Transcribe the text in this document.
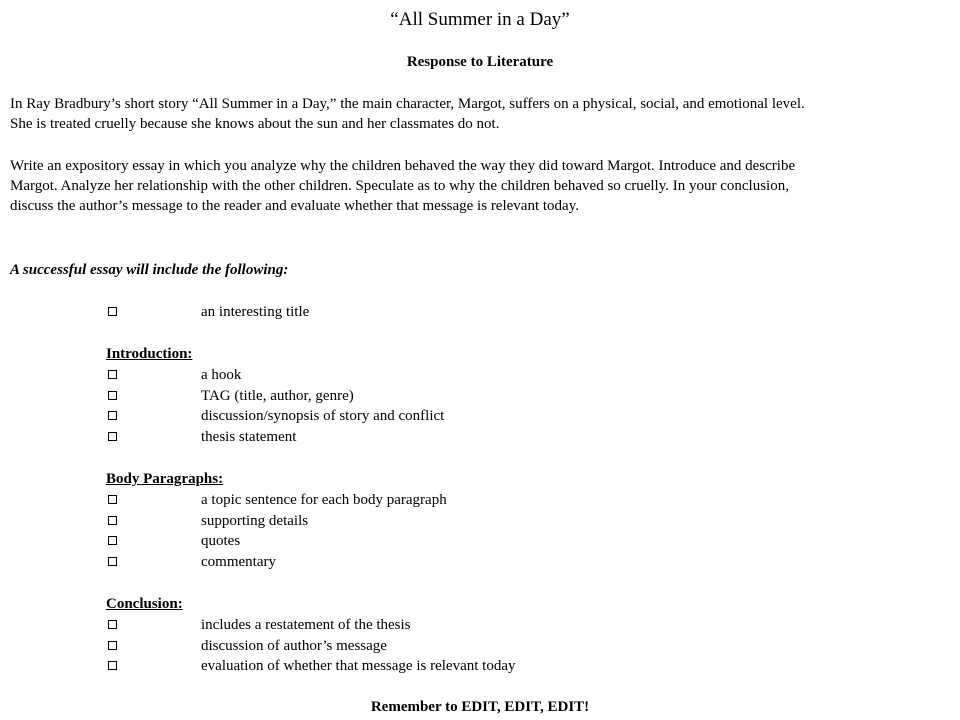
“All Summer in a Day”
Response to Literature
In Ray Bradbury’s short story “All Summer in a Day,” the main character, Margot, suffers on a physical, social, and emotional level.
She is treated cruelly because she knows about the sun and her classmates do not.
Write an expository essay in which you analyze why the children behaved the way they did toward Margot. Introduce and describe
Margot. Analyze her relationship with the other children. Speculate as to why the children behaved so cruelly. In your conclusion,
discuss the author’s message to the reader and evaluate whether that message is relevant today.
A successful essay will include the following:
an interesting title
Introduction:
a hook
TAG (title, author, genre)
discussion/synopsis of story and conflict
thesis statement
Body Paragraphs:
a topic sentence for each body paragraph
supporting details
quotes
commentary
Conclusion:
includes a restatement of the thesis
discussion of author’s message
evaluation of whether that message is relevant today
Remember to EDIT, EDIT, EDIT!
